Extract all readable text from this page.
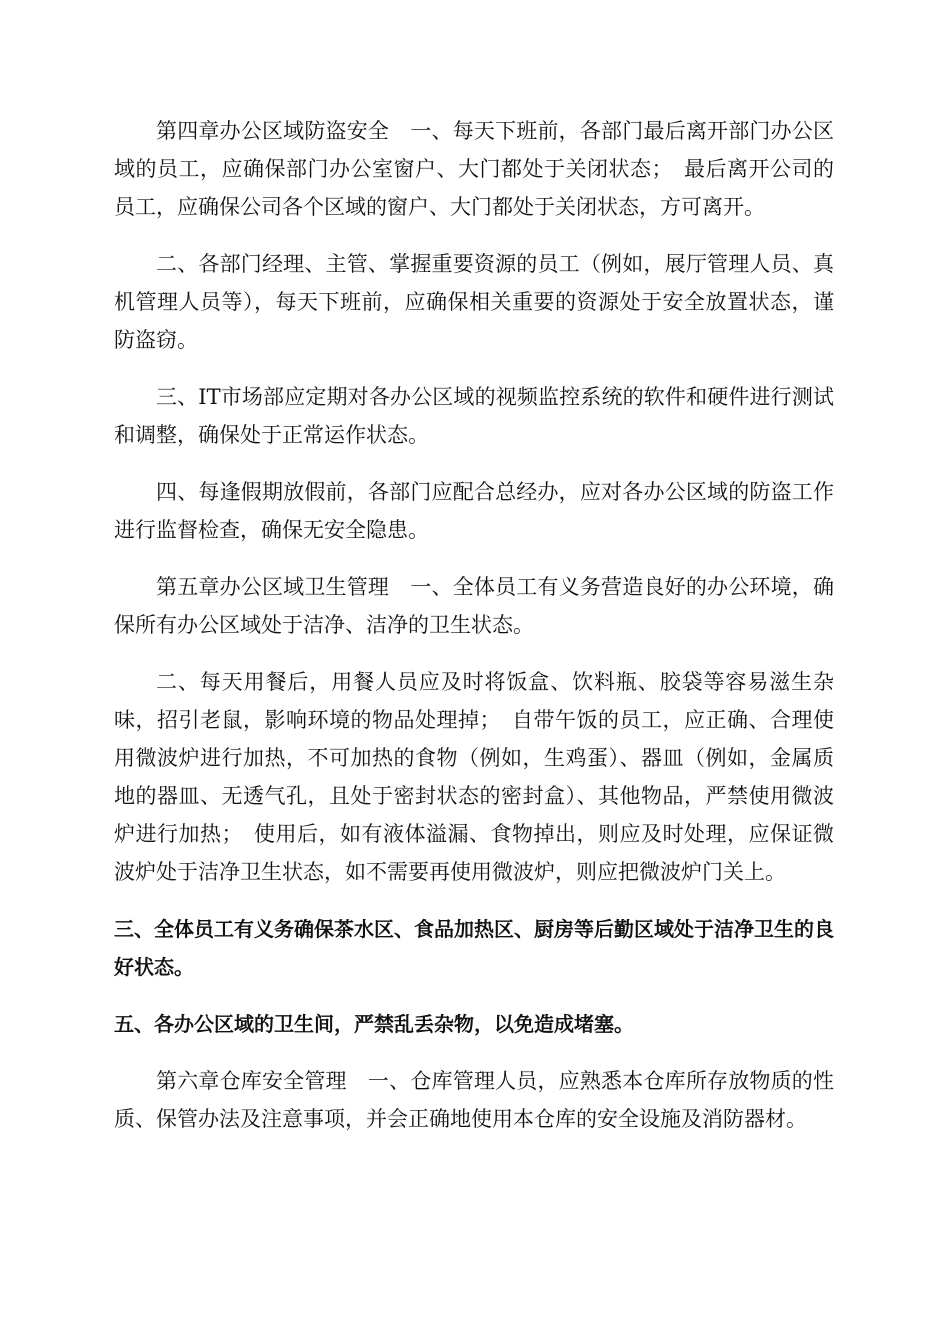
第四章办公区域防盗安全　一、每天下班前，各部门最后离开部门办公区域的员工，应确保部门办公室窗户、大门都处于关闭状态；　最后离开公司的员工，应确保公司各个区域的窗户、大门都处于关闭状态，方可离开。

二、各部门经理、主管、掌握重要资源的员工（例如，展厅管理人员、真机管理人员等），每天下班前，应确保相关重要的资源处于安全放置状态，谨防盗窃。

三、IT市场部应定期对各办公区域的视频监控系统的软件和硬件进行测试和调整，确保处于正常运作状态。

四、每逢假期放假前，各部门应配合总经办，应对各办公区域的防盗工作进行监督检查，确保无安全隐患。

第五章办公区域卫生管理　一、全体员工有义务营造良好的办公环境，确保所有办公区域处于洁净、洁净的卫生状态。

二、每天用餐后，用餐人员应及时将饭盒、饮料瓶、胶袋等容易滋生杂味，招引老鼠，影响环境的物品处理掉；　自带午饭的员工，应正确、合理使用微波炉进行加热，不可加热的食物（例如，生鸡蛋）、器皿（例如，金属质地的器皿、无透气孔，且处于密封状态的密封盒）、其他物品，严禁使用微波炉进行加热；　使用后，如有液体溢漏、食物掉出，则应及时处理，应保证微波炉处于洁净卫生状态，如不需要再使用微波炉，则应把微波炉门关上。

三、全体员工有义务确保茶水区、食品加热区、厨房等后勤区域处于洁净卫生的良好状态。

五、各办公区域的卫生间，严禁乱丢杂物，以免造成堵塞。

第六章仓库安全管理　一、仓库管理人员，应熟悉本仓库所存放物质的性质、保管办法及注意事项，并会正确地使用本仓库的安全设施及消防器材。
